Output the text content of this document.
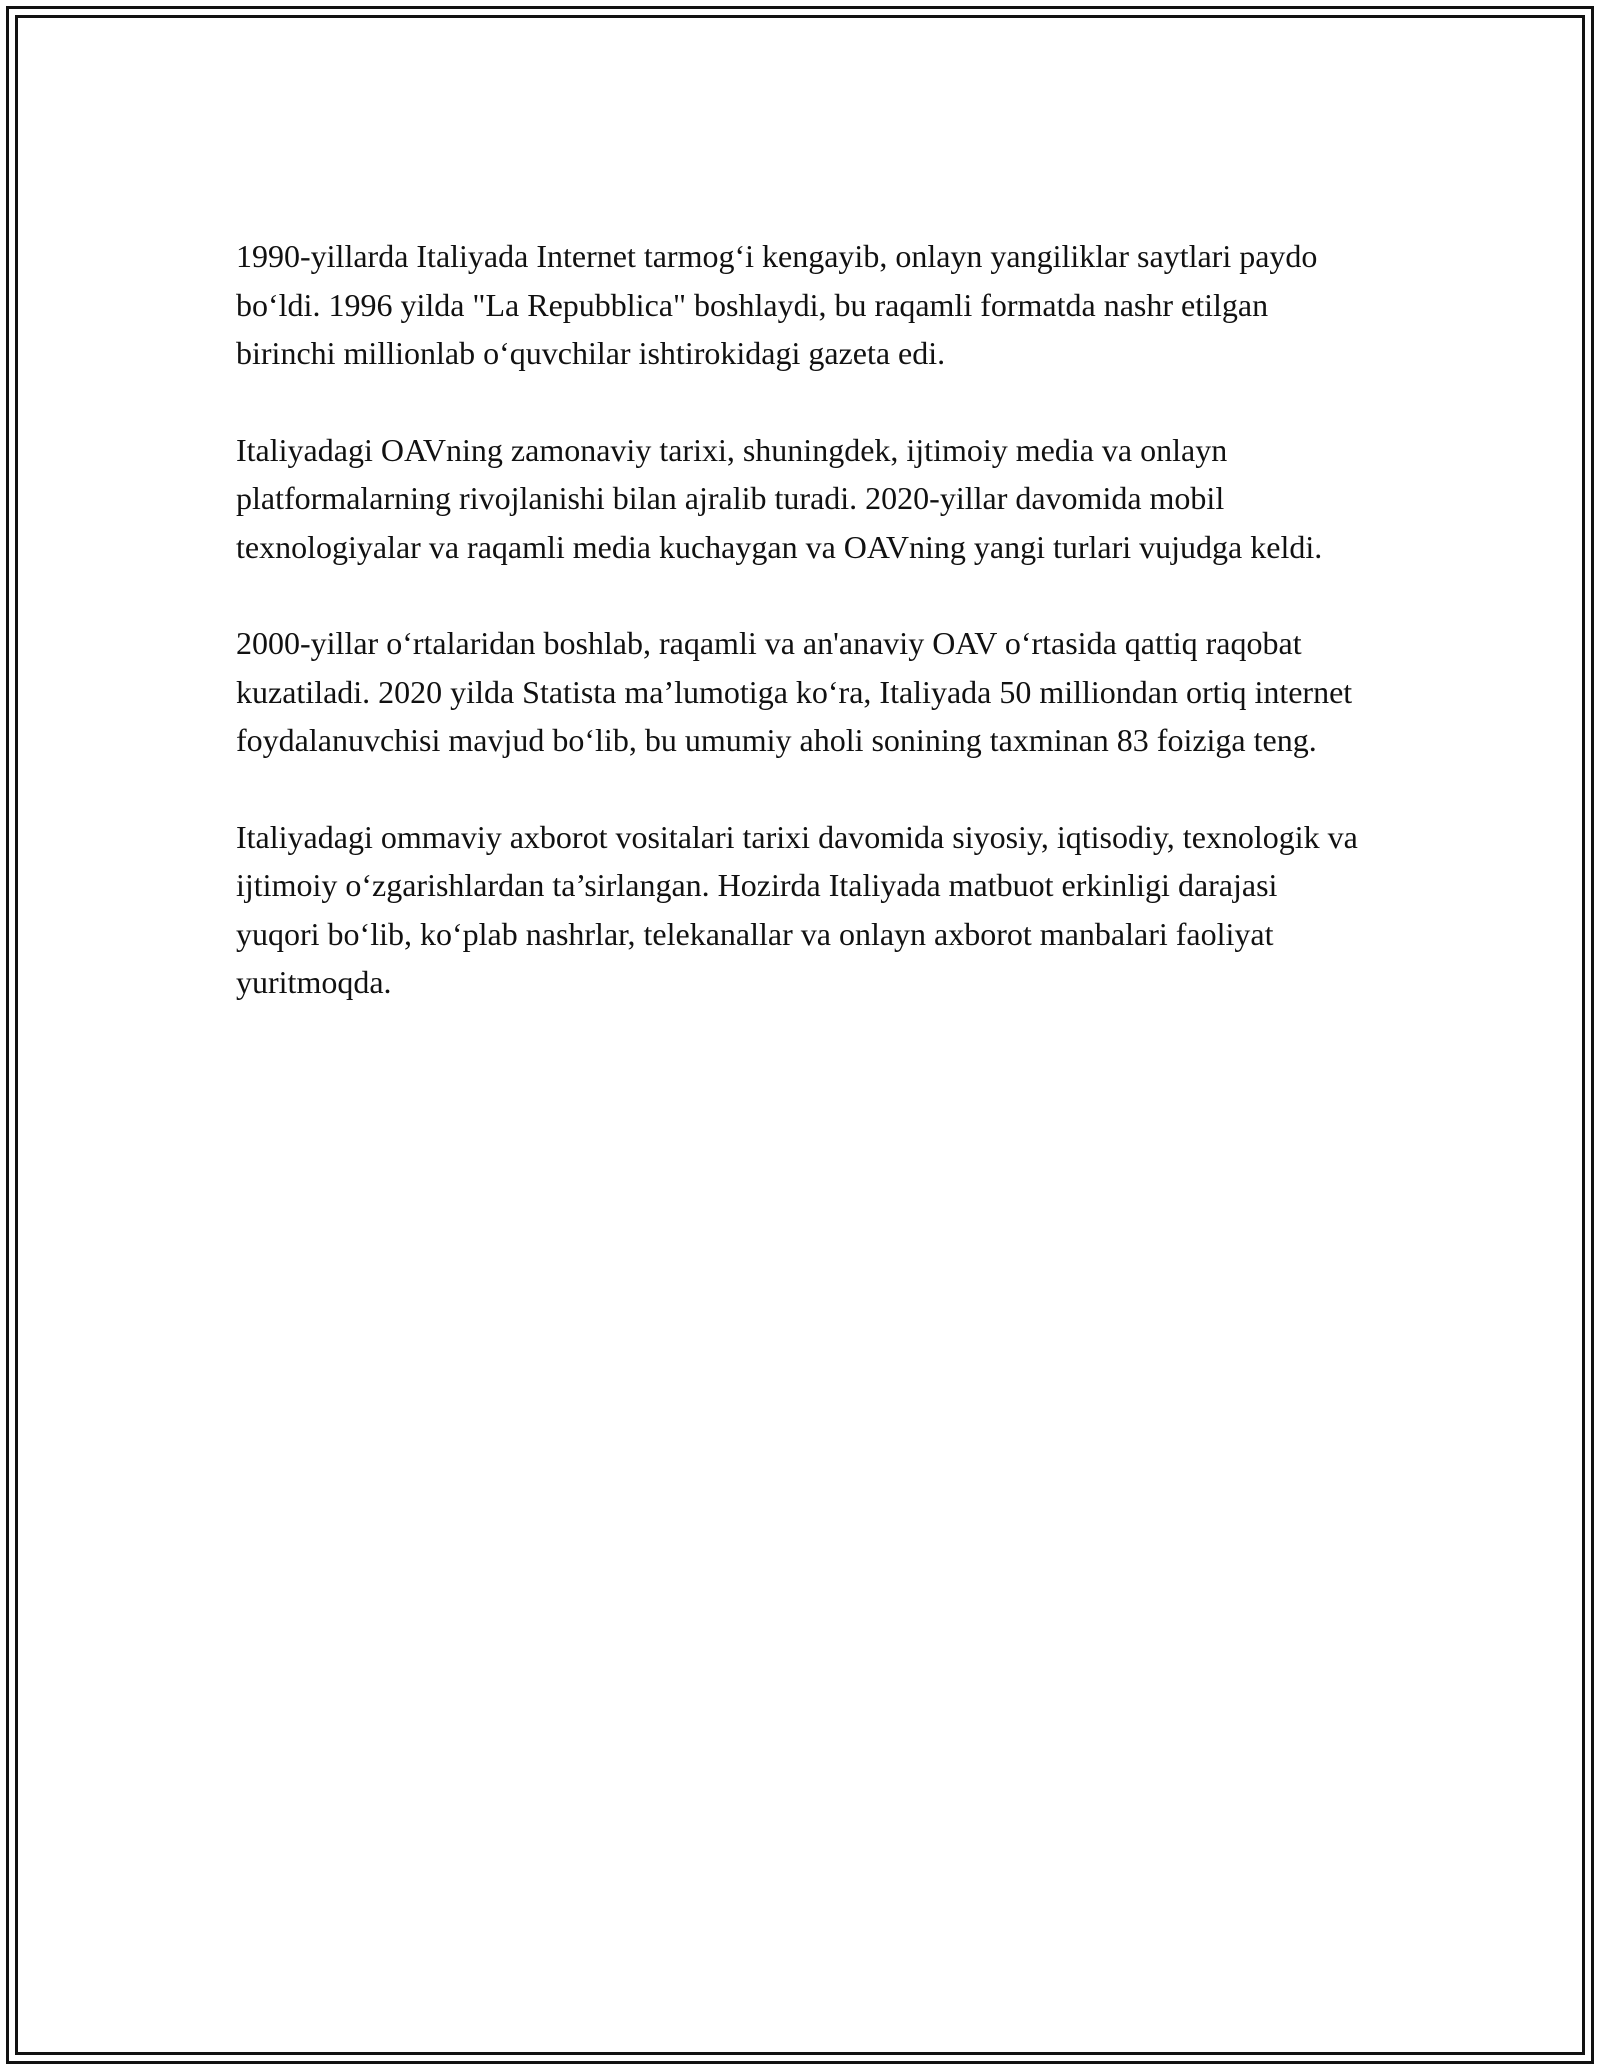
1990-yillarda Italiyada Internet tarmog‘i kengayib, onlayn yangiliklar saytlari paydo bo‘ldi. 1996 yilda "La Repubblica" boshlaydi, bu raqamli formatda nashr etilgan birinchi millionlab o‘quvchilar ishtirokidagi gazeta edi.

Italiyadagi OAVning zamonaviy tarixi, shuningdek, ijtimoiy media va onlayn platformalarning rivojlanishi bilan ajralib turadi. 2020-yillar davomida mobil texnologiyalar va raqamli media kuchaygan va OAVning yangi turlari vujudga keldi.

2000-yillar o‘rtalaridan boshlab, raqamli va an'anaviy OAV o‘rtasida qattiq raqobat kuzatiladi. 2020 yilda Statista ma’lumotiga ko‘ra, Italiyada 50 milliondan ortiq internet foydalanuvchisi mavjud bo‘lib, bu umumiy aholi sonining taxminan 83 foiziga teng.

Italiyadagi ommaviy axborot vositalari tarixi davomida siyosiy, iqtisodiy, texnologik va ijtimoiy o‘zgarishlardan ta’sirlangan. Hozirda Italiyada matbuot erkinligi darajasi yuqori bo‘lib, ko‘plab nashrlar, telekanallar va onlayn axborot manbalari faoliyat yuritmoqda.
